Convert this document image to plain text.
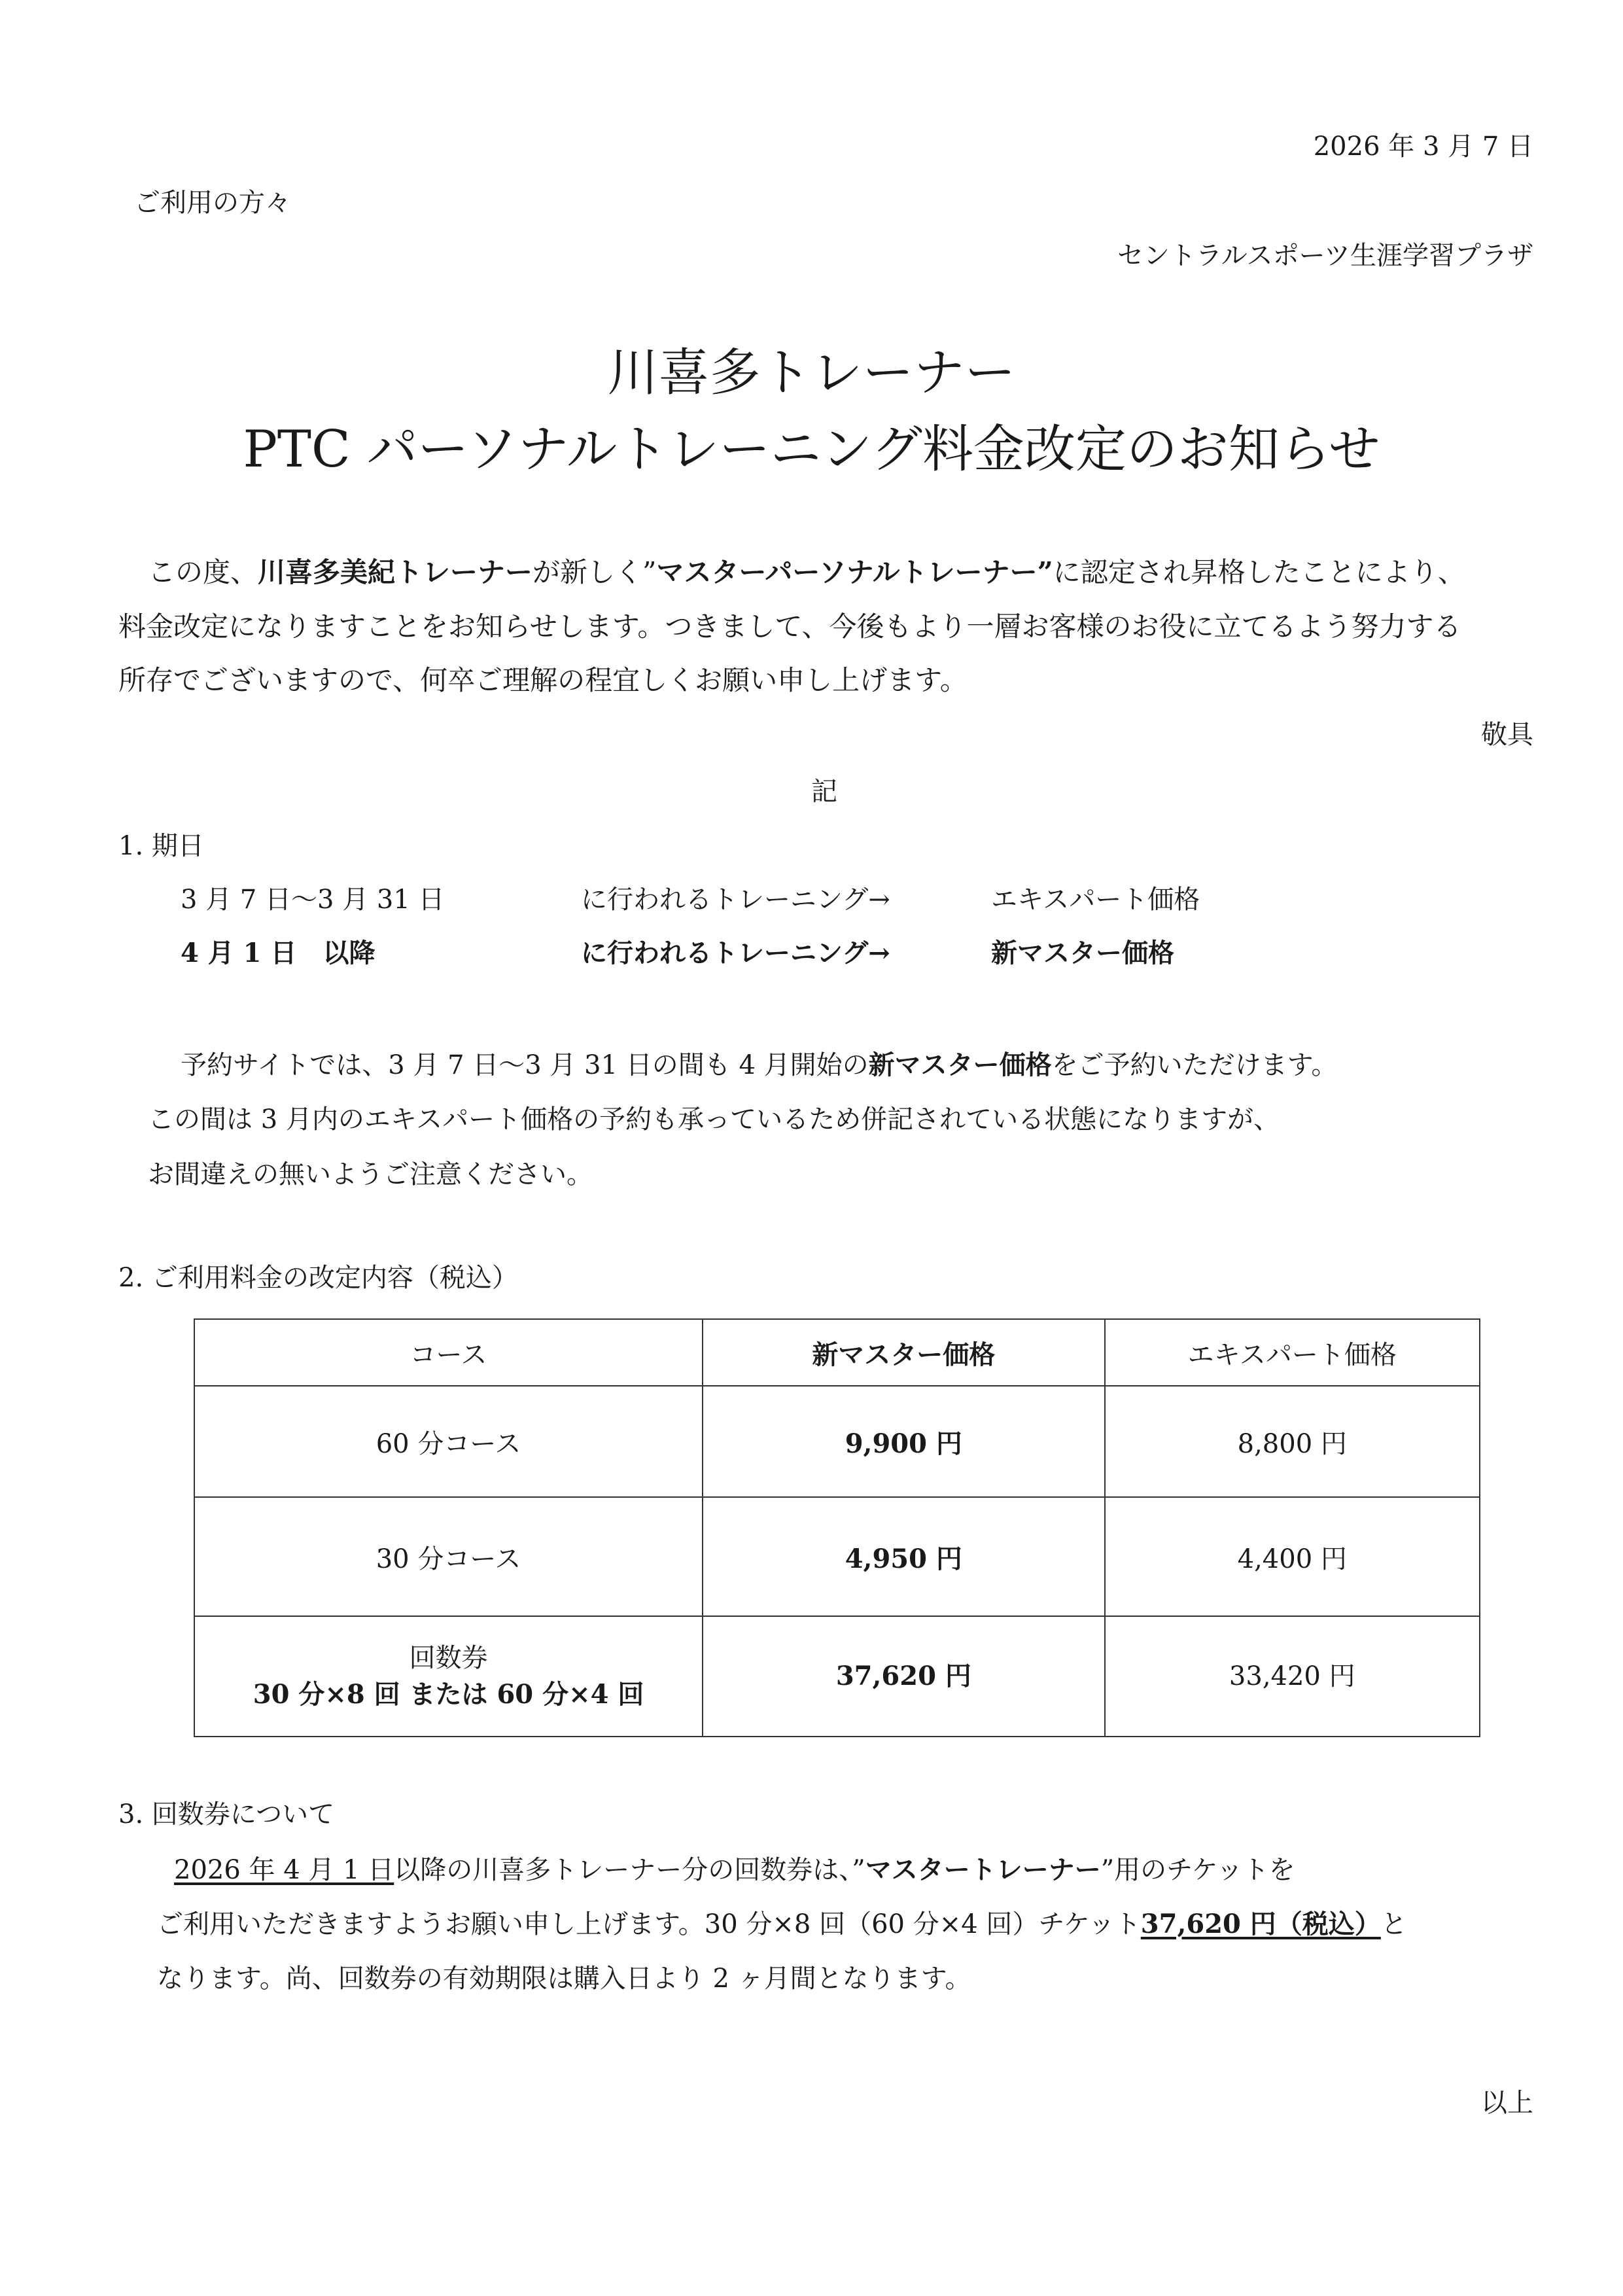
2026 年 3 月 7 日
ご利用の方々
セントラルスポーツ生涯学習プラザ
川喜多トレーナー
PTC パーソナルトレーニング料金改定のお知らせ
この度、川喜多美紀トレーナーが新しく”マスターパーソナルトレーナー”に認定され昇格したことにより、
料金改定になりますことをお知らせします。つきまして、今後もより一層お客様のお役に立てるよう努力する
所存でございますので、何卒ご理解の程宜しくお願い申し上げます。
敬具
記
1. 期日
3 月 7 日～3 月 31 日	に行われるトレーニング→	エキスパート価格
4 月 1 日　以降	に行われるトレーニング→	新マスター価格
予約サイトでは、3 月 7 日～3 月 31 日の間も 4 月開始の新マスター価格をご予約いただけます。
この間は 3 月内のエキスパート価格の予約も承っているため併記されている状態になりますが、
お間違えの無いようご注意ください。
2. ご利用料金の改定内容（税込）
コース	新マスター価格	エキスパート価格
60 分コース	9,900 円	8,800 円
30 分コース	4,950 円	4,400 円

回数券
30 分×8 回 または 60 分×4 回	37,620 円	33,420 円
3. 回数券について
2026 年 4 月 1 日以降の川喜多トレーナー分の回数券は、”マスタートレーナー”用のチケットを
ご利用いただきますようお願い申し上げます。30 分×8 回（60 分×4 回）チケット37,620 円（税込）と
なります。尚、回数券の有効期限は購入日より 2 ヶ月間となります。
以上
